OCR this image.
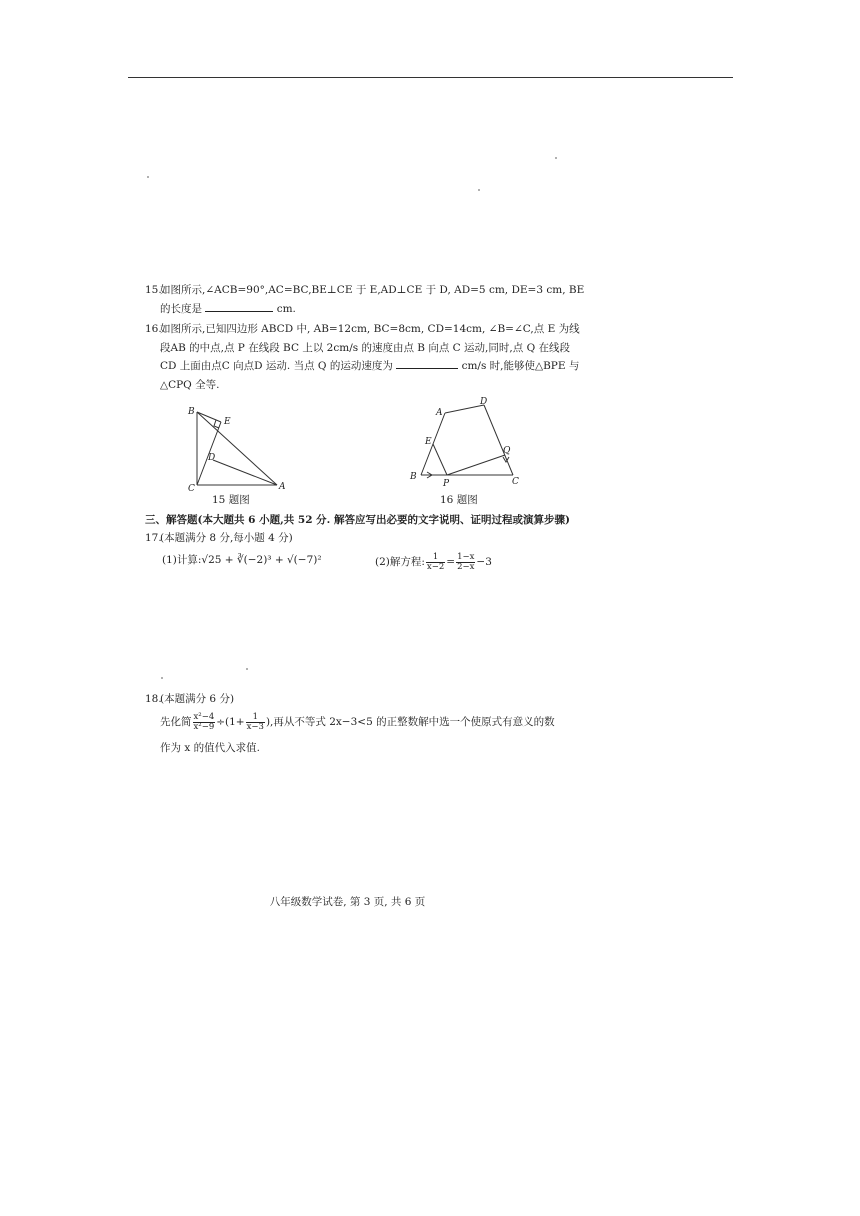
15.
如图所示,∠ACB=90°,AC=BC,BE⊥CE 于 E,AD⊥CE 于 D, AD=5 cm, DE=3 cm, BE
的长度是	cm.
16.
如图所示,已知四边形 ABCD 中, AB=12cm, BC=8cm, CD=14cm, ∠B=∠C,点 E 为线
段AB 的中点,点 P 在线段 BC 上以 2cm/s 的速度由点 B 向点 C 运动,同时,点 Q 在线段
CD 上面由点C 向点D 运动. 当点 Q 的运动速度为	cm/s 时,能够使△BPE 与
△CPQ 全等.
B
E
D
C	A
15 题图
A
D
E
Q
B
P	C
16 题图
三、解答题(本大题共 6 小题,共 52 分. 解答应写出必要的文字说明、证明过程或演算步骤)
17.
(本题满分 8 分,每小题 4 分)
(1)计算:√25 + ∛(−2)³ + √(−7)²	(2)解方程: $\frac{1}{x-2} = \frac{1-x}{2-x} -3$
18.
(本题满分 6 分)
先化简 $\frac{\text{x²−4}}{\text{x²−9}} \div(1+ \frac{1}{x-3}$ ),再从不等式 2x−3<5 的正整数解中选一个使原式有意义的数
作为 x 的值代入求值.
八年级数学试卷, 第 3 页, 共 6 页
